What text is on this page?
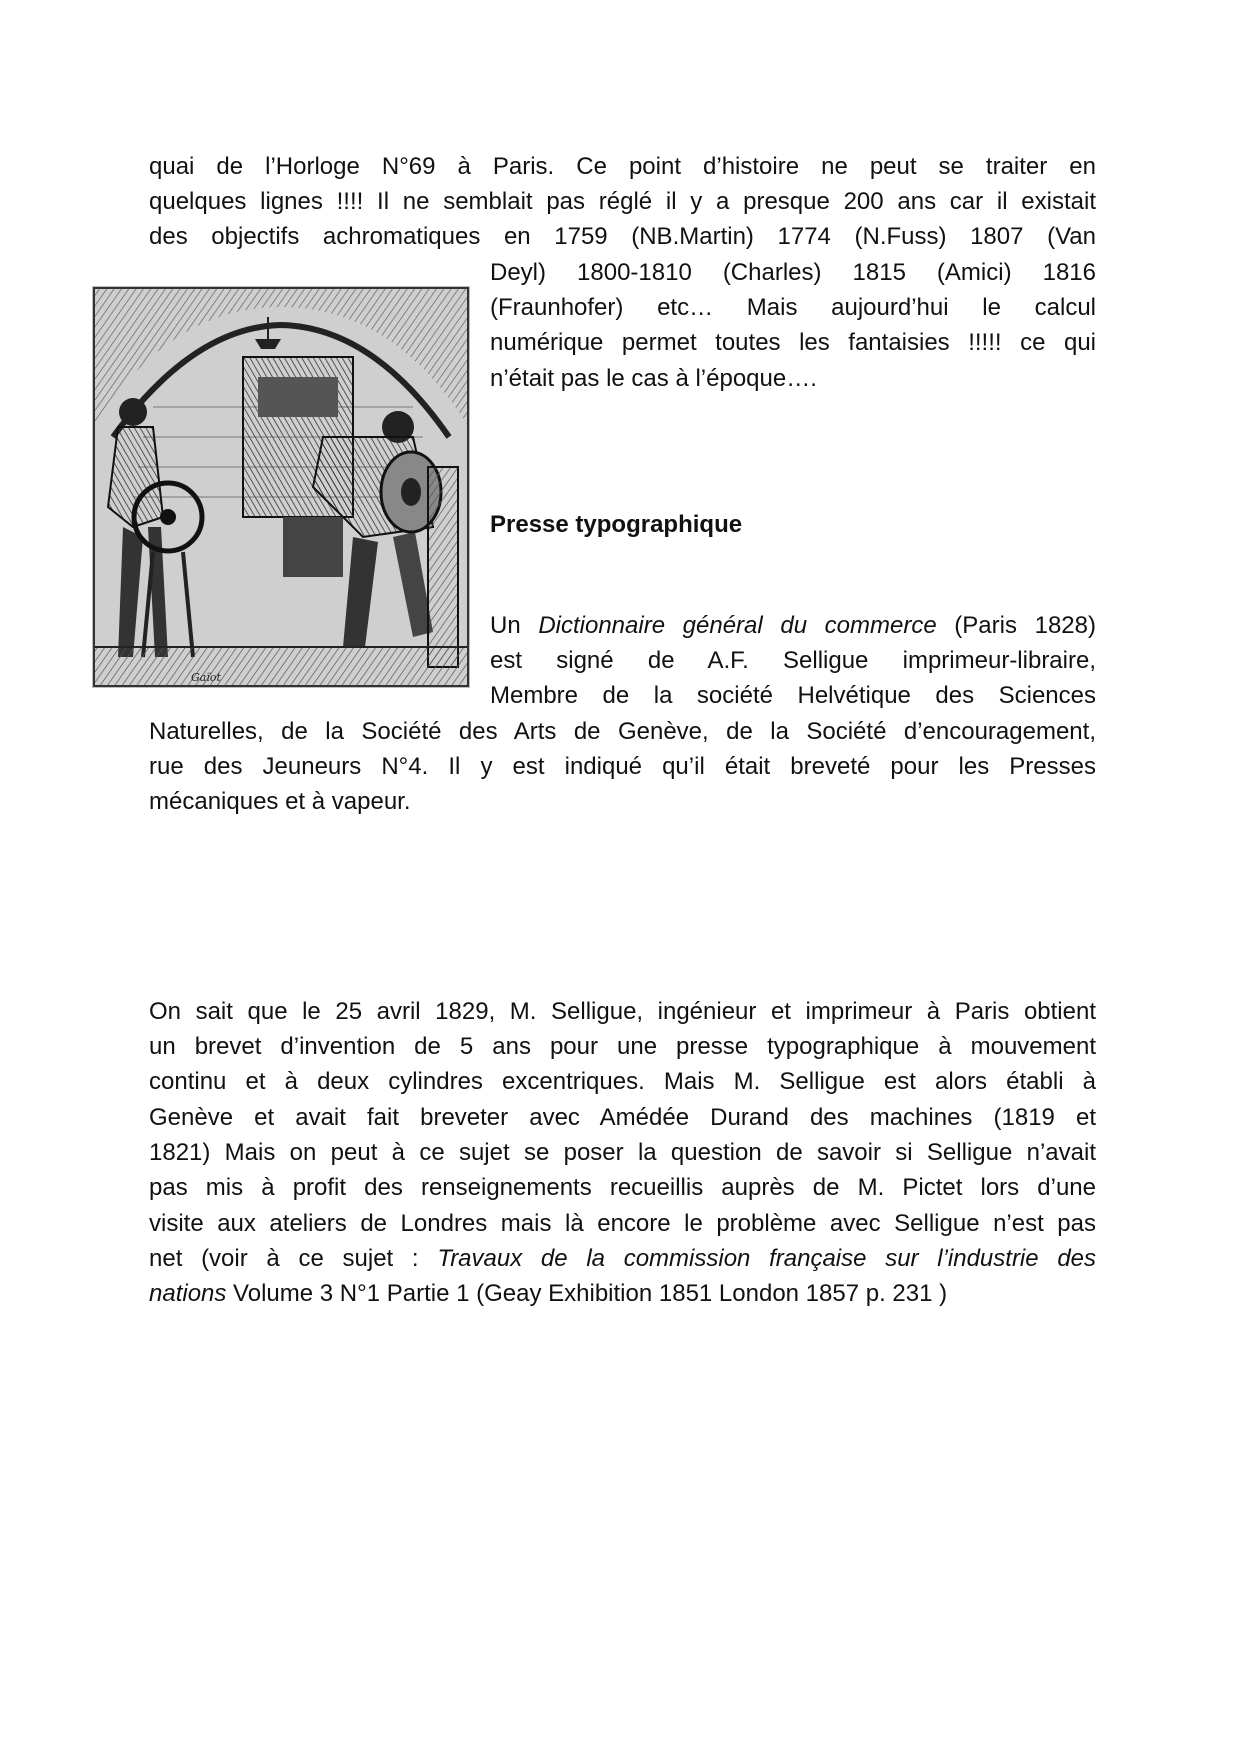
quai de l’Horloge N°69 à Paris. Ce point d’histoire ne peut se traiter en
quelques lignes !!!! Il ne semblait pas réglé il y a presque 200 ans car il existait
des objectifs achromatiques en 1759 (NB.Martin) 1774 (N.Fuss) 1807 (Van
Deyl) 1800-1810 (Charles) 1815 (Amici) 1816
(Fraunhofer) etc… Mais aujourd’hui le calcul
numérique permet toutes les fantaisies !!!!! ce qui
n’était pas le cas à l’époque….
Gaïot
Presse typographique
Un Dictionnaire général du commerce (Paris 1828)
est signé de A.F. Selligue imprimeur-libraire,
Membre de la société Helvétique des Sciences
Naturelles, de la Société des Arts de Genève, de la Société d’encouragement,
rue des Jeuneurs N°4. Il y est indiqué qu’il était breveté pour les Presses
mécaniques et à vapeur.
On sait que le 25 avril 1829, M. Selligue, ingénieur et imprimeur à Paris obtient
un brevet d’invention de 5 ans pour une presse typographique à mouvement
continu et à deux cylindres excentriques. Mais M. Selligue est alors établi à
Genève et avait fait breveter avec Amédée Durand des machines (1819 et
1821) Mais on peut à ce sujet se poser la question de savoir si Selligue n’avait
pas mis à profit des renseignements recueillis auprès de M. Pictet lors d’une
visite aux ateliers de Londres mais là encore le problème avec Selligue n’est pas
net (voir à ce sujet : Travaux de la commission française sur l’industrie des
nations Volume 3 N°1 Partie 1 (Geay Exhibition 1851 London 1857 p. 231 )
